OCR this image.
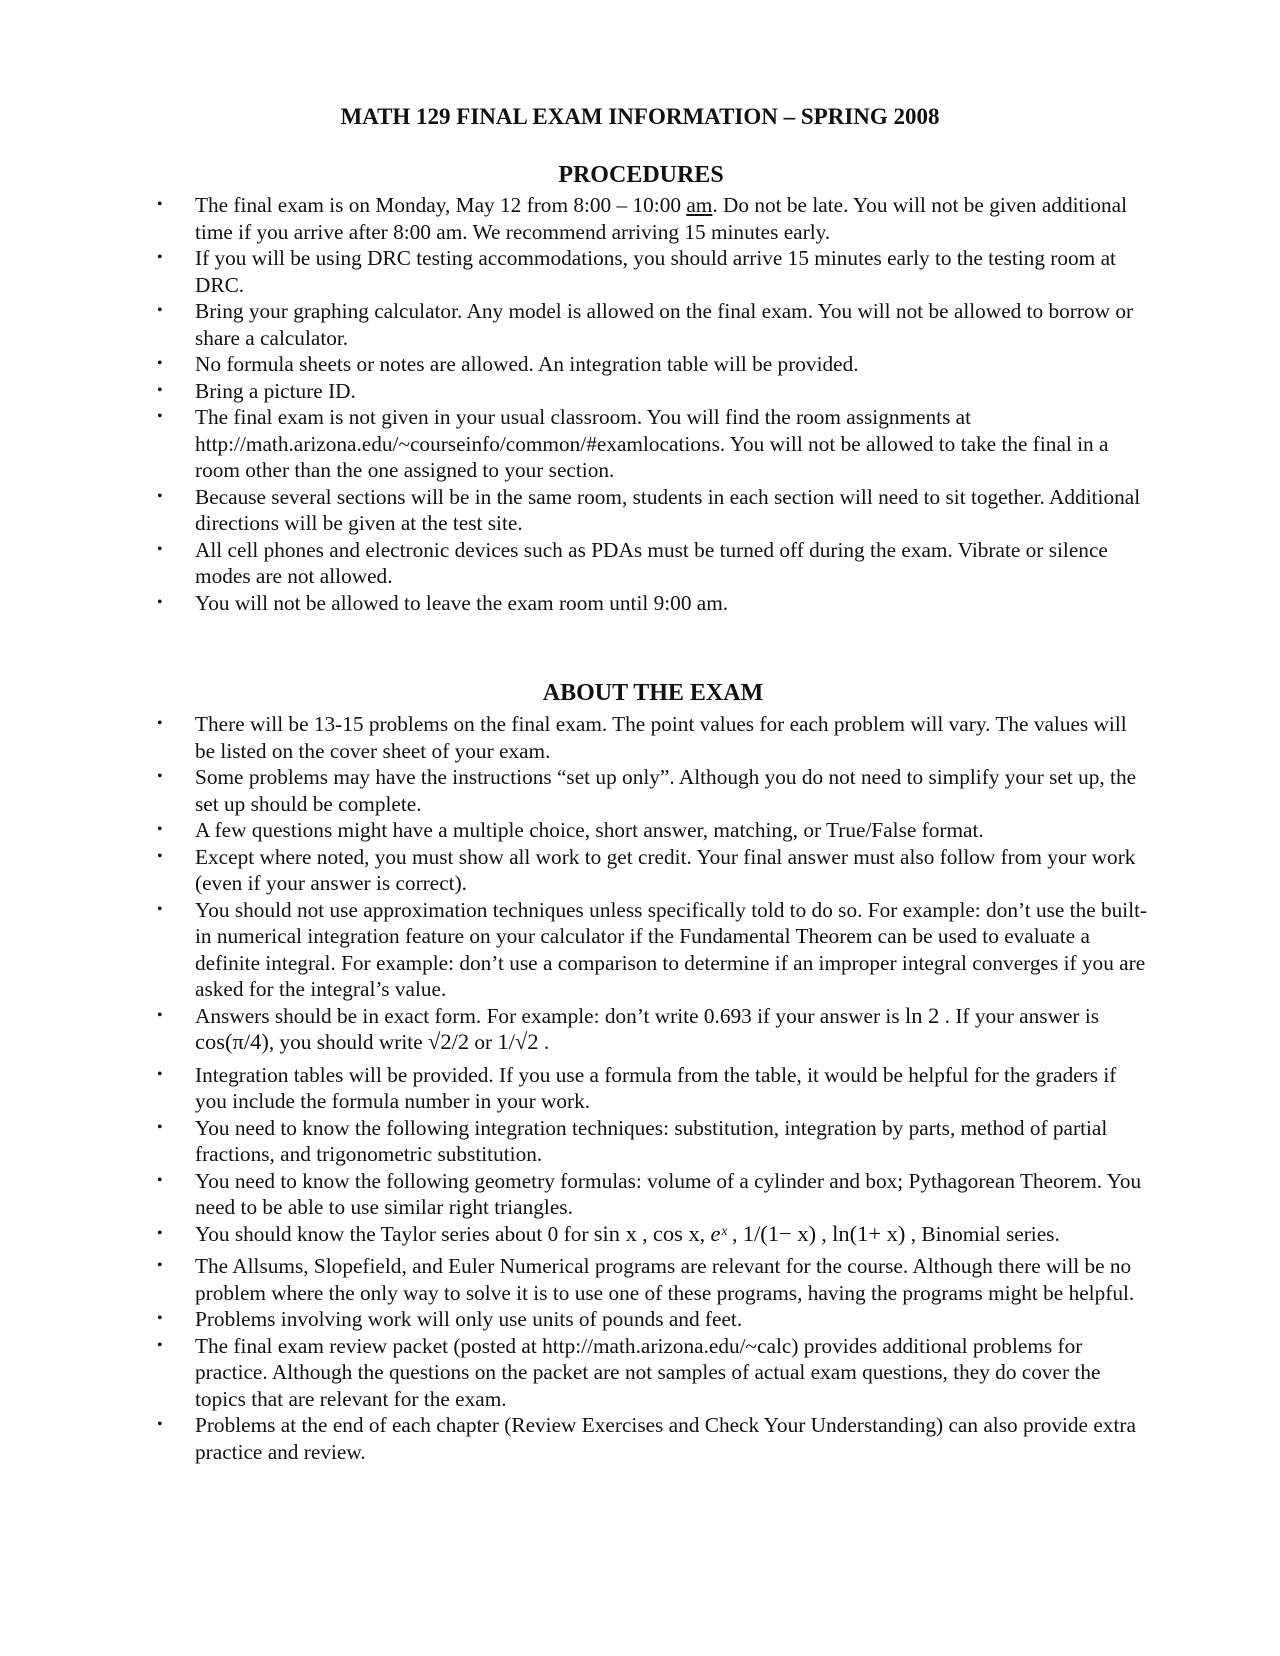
MATH 129 FINAL EXAM INFORMATION – SPRING 2008
PROCEDURES
• The final exam is on Monday, May 12 from 8:00 – 10:00 am. Do not be late. You will not be given additional time if you arrive after 8:00 am. We recommend arriving 15 minutes early.
• If you will be using DRC testing accommodations, you should arrive 15 minutes early to the testing room at DRC.
• Bring your graphing calculator. Any model is allowed on the final exam. You will not be allowed to borrow or share a calculator.
• No formula sheets or notes are allowed. An integration table will be provided.
• Bring a picture ID.
• The final exam is not given in your usual classroom. You will find the room assignments at http://math.arizona.edu/~courseinfo/common/#examlocations. You will not be allowed to take the final in a room other than the one assigned to your section.
• Because several sections will be in the same room, students in each section will need to sit together. Additional directions will be given at the test site.
• All cell phones and electronic devices such as PDAs must be turned off during the exam. Vibrate or silence modes are not allowed.
• You will not be allowed to leave the exam room until 9:00 am.
ABOUT THE EXAM
• There will be 13-15 problems on the final exam. The point values for each problem will vary. The values will be listed on the cover sheet of your exam.
• Some problems may have the instructions “set up only”. Although you do not need to simplify your set up, the set up should be complete.
• A few questions might have a multiple choice, short answer, matching, or True/False format.
• Except where noted, you must show all work to get credit. Your final answer must also follow from your work (even if your answer is correct).
• You should not use approximation techniques unless specifically told to do so. For example: don’t use the built-in numerical integration feature on your calculator if the Fundamental Theorem can be used to evaluate a definite integral. For example: don’t use a comparison to determine if an improper integral converges if you are asked for the integral’s value.
• Answers should be in exact form. For example: don’t write 0.693 if your answer is ln 2 . If your answer is cos(π/4), you should write √2/2 or 1/√2 .
• Integration tables will be provided. If you use a formula from the table, it would be helpful for the graders if you include the formula number in your work.
• You need to know the following integration techniques: substitution, integration by parts, method of partial fractions, and trigonometric substitution.
• You need to know the following geometry formulas: volume of a cylinder and box; Pythagorean Theorem. You need to be able to use similar right triangles.
• You should know the Taylor series about 0 for sin x , cos x, eˣ , 1/(1− x) , ln(1+ x) , Binomial series.
• The Allsums, Slopefield, and Euler Numerical programs are relevant for the course. Although there will be no problem where the only way to solve it is to use one of these programs, having the programs might be helpful.
• Problems involving work will only use units of pounds and feet.
• The final exam review packet (posted at http://math.arizona.edu/~calc) provides additional problems for practice. Although the questions on the packet are not samples of actual exam questions, they do cover the topics that are relevant for the exam.
• Problems at the end of each chapter (Review Exercises and Check Your Understanding) can also provide extra practice and review.
